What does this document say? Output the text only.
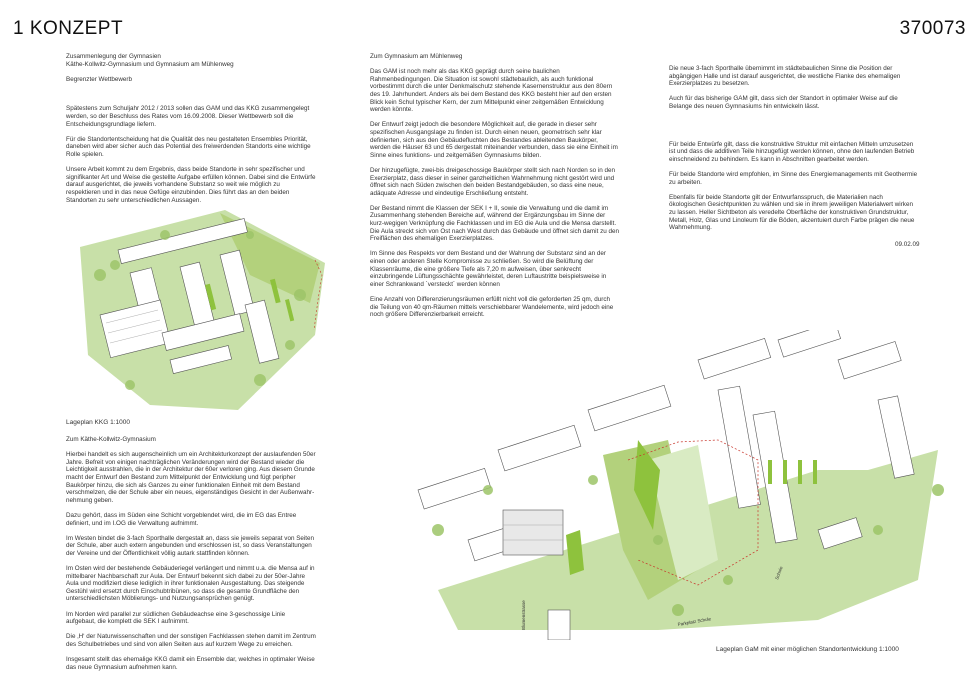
1 KONZEPT	370073

Zusammenlegung der Gymnasien
Käthe-Kollwitz-Gymnasium und Gymnasium am Mühlenweg

Begrenzter Wettbewerb

Spätestens zum Schuljahr 2012 / 2013 sollen das GAM und das KKG zusammengelegt werden, so der Beschluss des Rates vom 16.09.2008. Dieser Wettbewerb soll die Entscheidungsgrundlage liefern.

Für die Standortentscheidung hat die Qualität des neu gestalteten Ensembles Priorität, daneben wird aber sicher auch das Potential des freiwerdenden Standorts eine wichtige Rolle spielen.

Unsere Arbeit kommt zu dem Ergebnis, dass beide Standorte in sehr spezifischer und signifikanter Art und Weise die gestellte Aufgabe erfüllen können. Dabei sind die Entwürfe darauf ausgerichtet, die jeweils vorhandene Substanz so weit wie möglich zu respektieren und in das neue Gefüge einzubinden. Dies führt das an den beiden Standorten zu sehr unterschiedlichen Aussagen.

Zum Gymnasium am Mühlenweg

Das GAM ist noch mehr als das KKG geprägt durch seine baulichen Rahmenbedingungen. Die Situation ist sowohl städtebaulich, als auch funktional vorbestimmt durch die unter Denkmalschutz stehende Kasernenstruktur aus den 80ern des 19. Jahrhundert. Anders als bei dem Bestand des KKG besteht hier auf den ersten Blick kein Schul typischer Kern, der zum Mittelpunkt einer zeitgemäßen Entwicklung werden könnte.

Der Entwurf zeigt jedoch die besondere Möglichkeit auf, die gerade in dieser sehr spezifischen Ausgangslage zu finden ist. Durch einen neuen, geometrisch sehr klar definierten, sich aus den Gebäudefluchten des Bestandes ableitenden Baukörper, werden die Häuser 63 und 65 dergestalt miteinander verbunden, dass sie eine Einheit im Sinne eines funktions- und zeitgemäßen Gymnasiums bilden.

Der hinzugefügte, zwei-bis dreigeschossige Baukörper stellt sich nach Norden so in den Exerzierplatz, dass dieser in seiner ganzheitlichen Wahrnehmung nicht gestört wird und öffnet sich nach Süden zwischen den beiden Bestandgebäuden, so dass eine neue, adäquate Adresse und eindeutige Erschließung entsteht.

Der Bestand nimmt die Klassen der SEK I + II, sowie die Verwaltung und die damit im Zusammenhang stehenden Bereiche auf, während der Ergänzungsbau im Sinne der kurz-wegigen Verknüpfung die Fachklassen und im EG die Aula und die Mensa darstellt. Die Aula streckt sich von Ost nach West durch das Gebäude und öffnet sich damit zu den Freiflächen des ehemaligen Exerzierplatzes.

Im Sinne des Respekts vor dem Bestand und der Wahrung der Substanz sind an der einen oder anderen Stelle Kompromisse zu schließen. So wird die Belüftung der Klassenräume, die eine größere Tiefe als 7,20 m aufweisen, über senkrecht einzubringende Lüftungsschächte gewährleistet, deren Luftaustritte beispielsweise in einer Schrankwand ´versteckt´ werden können

Eine Anzahl von Differenzierungsräumen erfüllt nicht voll die geforderten 25 qm, durch die Teilung von 40 qm-Räumen mittels verschiebbarer Wandelemente, wird jedoch eine noch größere Differenzierbarkeit erreicht.

Die neue 3-fach Sporthalle übernimmt im städtebaulichen Sinne die Position der abgängigen Halle und ist darauf ausgerichtet, die westliche Flanke des ehemaligen Exerzierplatzes zu besetzen.

Auch für das bisherige GAM gilt, dass sich der Standort in optimaler Weise auf die Belange des neuen Gymnasiums hin entwickeln lässt.

Für beide Entwürfe gilt, dass die konstruktive Struktur mit einfachen Mitteln umzusetzen ist und dass die additiven Teile hinzugefügt werden können, ohne den laufenden Betrieb einschneidend zu behindern. Es kann in Abschnitten gearbeitet werden.

Für beide Standorte wird empfohlen, im Sinne des Energiemanagements mit Geothermie zu arbeiten.

Ebenfalls für beide Standorte gilt der Entwurfansspruch, die Materialien nach ökologischen Gesichtpunkten zu wählen und sie in ihrem jeweiligen Materialwert wirken zu lassen. Heller Sichtbeton als veredelte Oberfläche der konstruktiven Grundstruktur, Metall, Holz, Glas und Linoleum für die Böden, akzentuiert durch Farbe prägen die neue Wahrnehmung.

09.02.09
Lageplan KKG 1:1000

Zum Käthe-Kollwitz-Gymnasium

Hierbei handelt es sich augenscheinlich um ein Architekturkonzept der auslaufenden 50er Jahre. Befreit von einigen nachträglichen Veränderungen wird der Bestand wieder die Leichtigkeit ausstrahlen, die in der Architektur der 60er verloren ging. Aus diesem Grunde macht der Entwurf den Bestand zum Mittelpunkt der Entwicklung und fügt peripher Baukörper hinzu, die sich als Ganzes zu einer funktionalen Einheit mit dem Bestand verschmelzen, die der Schule aber ein neues, eigenständiges Gesicht in der Außenwahr-nehmung geben.

Dazu gehört, dass im Süden eine Schicht vorgeblendet wird, die im EG das Entree definiert, und im I.OG die Verwaltung aufnimmt.

Im Westen bindet die 3-fach Sporthalle dergestalt an, dass sie jeweils separat von Seiten der Schule, aber auch extern angebunden und erschlossen ist, so dass Veranstaltungen der Vereine und der Öffentlichkeit völlig autark stattfinden können.

Im Osten wird der bestehende Gebäuderiegel verlängert und nimmt u.a. die Mensa auf in mittelbarer Nachbarschaft zur Aula. Der Entwurf bekennt sich dabei zu der 50er-Jahre Aula und modifiziert diese lediglich in ihrer funktionalen Ausgestaltung. Das steigende Gestühl wird ersetzt durch Einschubtribünen, so dass die gesamte Grundfläche den unterschiedlichsten Möblierungs- und Nutzungsansprüchen genügt.

Im Norden wird parallel zur südlichen Gebäudeachse eine 3-geschossige Linie aufgebaut, die komplett die SEK I aufnimmt.

Die ‚H‘ der Naturwissenschaften und der sonstigen Fachklassen stehen damit im Zentrum des Schulbetriebes und sind von allen Seiten aus auf kurzem Wege zu erreichen.

Insgesamt stellt das ehemalige KKG damit ein Ensemble dar, welches in optimaler Weise das neue Gymnasium aufnehmen kann.

Blumenstrasse	Parkplatz Schule
Schule
Lageplan GaM mit einer möglichen Standortentwicklung 1:1000
